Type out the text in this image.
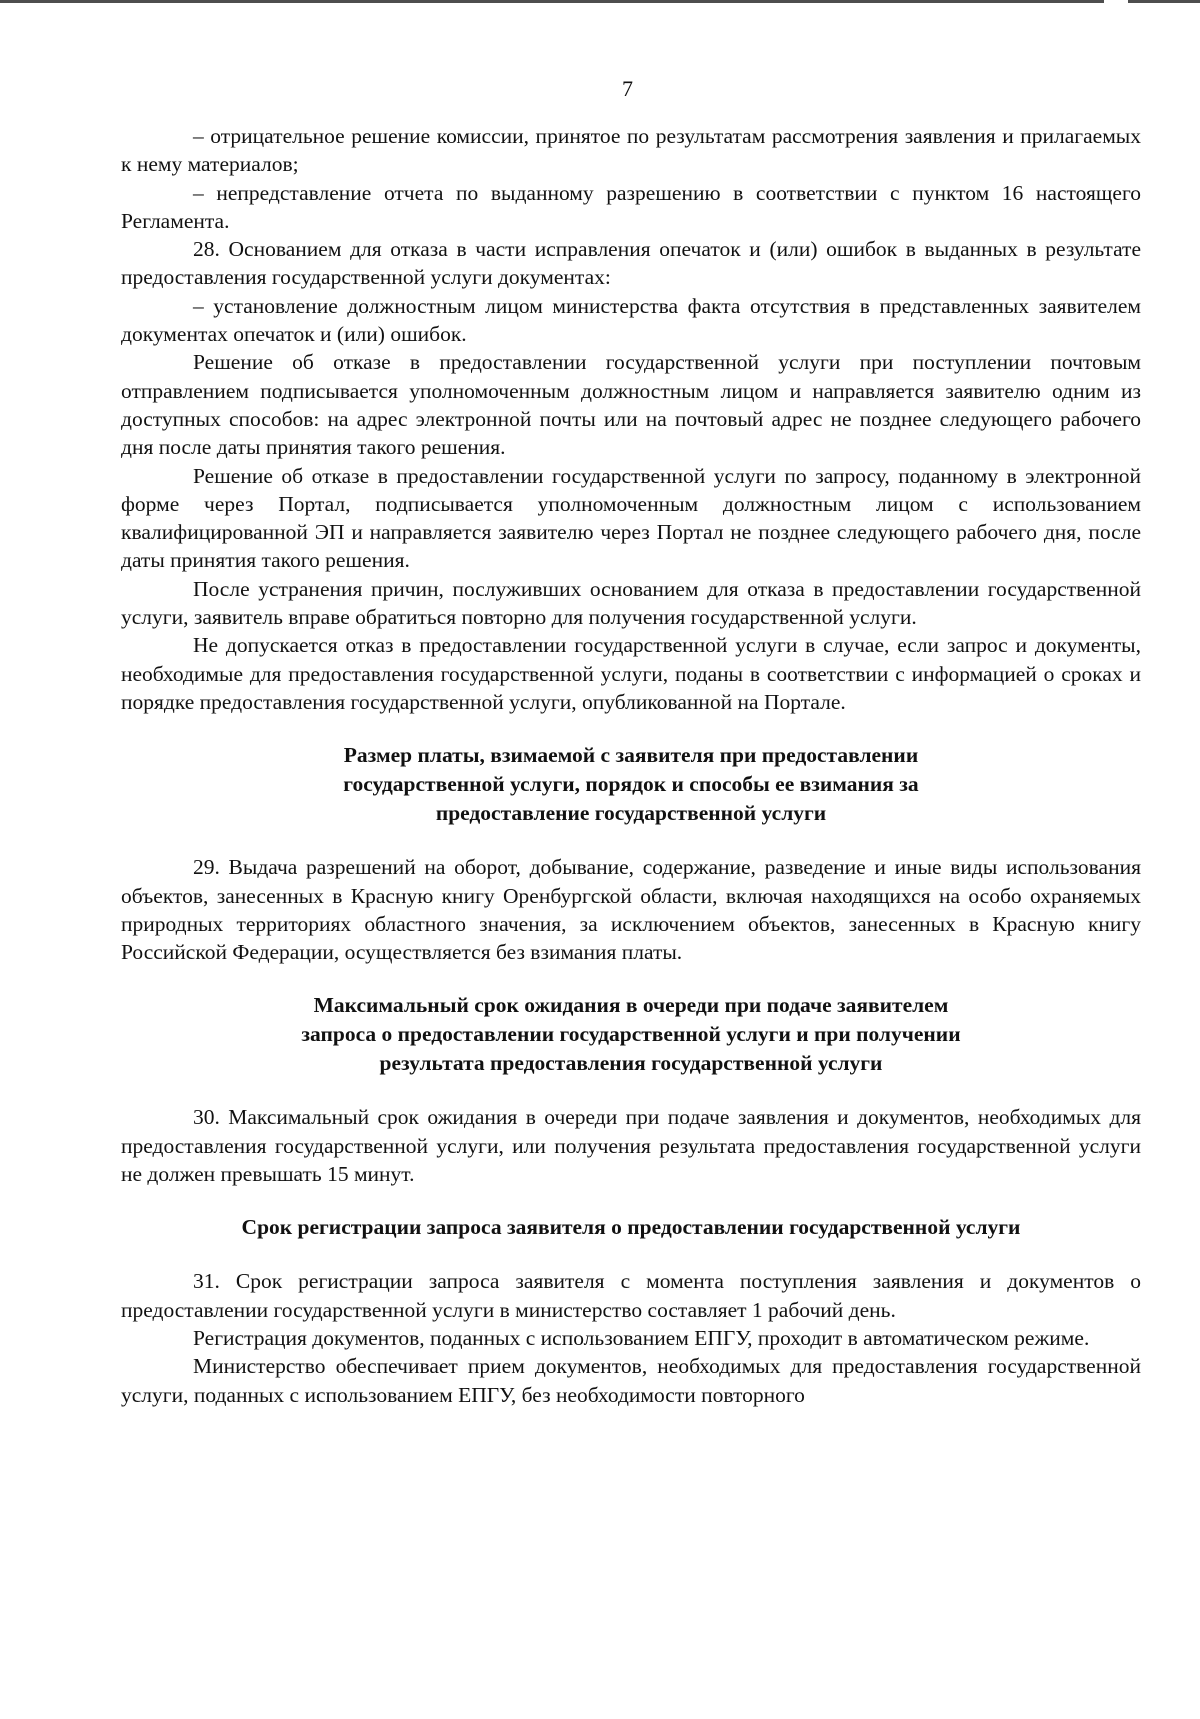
7

– отрицательное решение комиссии, принятое по результатам рассмотрения заявления и прилагаемых к нему материалов;

– непредставление отчета по выданному разрешению в соответствии с пунктом 16 настоящего Регламента.

28. Основанием для отказа в части исправления опечаток и (или) ошибок в выданных в результате предоставления государственной услуги документах:

– установление должностным лицом министерства факта отсутствия в представленных заявителем документах опечаток и (или) ошибок.

Решение об отказе в предоставлении государственной услуги при поступлении почтовым отправлением подписывается уполномоченным должностным лицом и направляется заявителю одним из доступных способов: на адрес электронной почты или на почтовый адрес не позднее следующего рабочего дня после даты принятия такого решения.

Решение об отказе в предоставлении государственной услуги по запросу, поданному в электронной форме через Портал, подписывается уполномоченным должностным лицом с использованием квалифицированной ЭП и направляется заявителю через Портал не позднее следующего рабочего дня, после даты принятия такого решения.

После устранения причин, послуживших основанием для отказа в предоставлении государственной услуги, заявитель вправе обратиться повторно для получения государственной услуги.

Не допускается отказ в предоставлении государственной услуги в случае, если запрос и документы, необходимые для предоставления государственной услуги, поданы в соответствии с информацией о сроках и порядке предоставления государственной услуги, опубликованной на Портале.

Размер платы, взимаемой с заявителя при предоставлении

государственной услуги, порядок и способы ее взимания за

предоставление государственной услуги

29. Выдача разрешений на оборот, добывание, содержание, разведение и иные виды использования объектов, занесенных в Красную книгу Оренбургской области, включая находящихся на особо охраняемых природных территориях областного значения, за исключением объектов, занесенных в Красную книгу Российской Федерации, осуществляется без взимания платы.

Максимальный срок ожидания в очереди при подаче заявителем

запроса о предоставлении государственной услуги и при получении

результата предоставления государственной услуги

30. Максимальный срок ожидания в очереди при подаче заявления и документов, необходимых для предоставления государственной услуги, или получения результата предоставления государственной услуги не должен превышать 15 минут.

Срок регистрации запроса заявителя о предоставлении государственной услуги

31. Срок регистрации запроса заявителя с момента поступления заявления и документов о предоставлении государственной услуги в министерство составляет 1 рабочий день.

Регистрация документов, поданных с использованием ЕПГУ, проходит в автоматическом режиме.

Министерство обеспечивает прием документов, необходимых для предоставления государственной услуги, поданных с использованием ЕПГУ, без необходимости повторного
